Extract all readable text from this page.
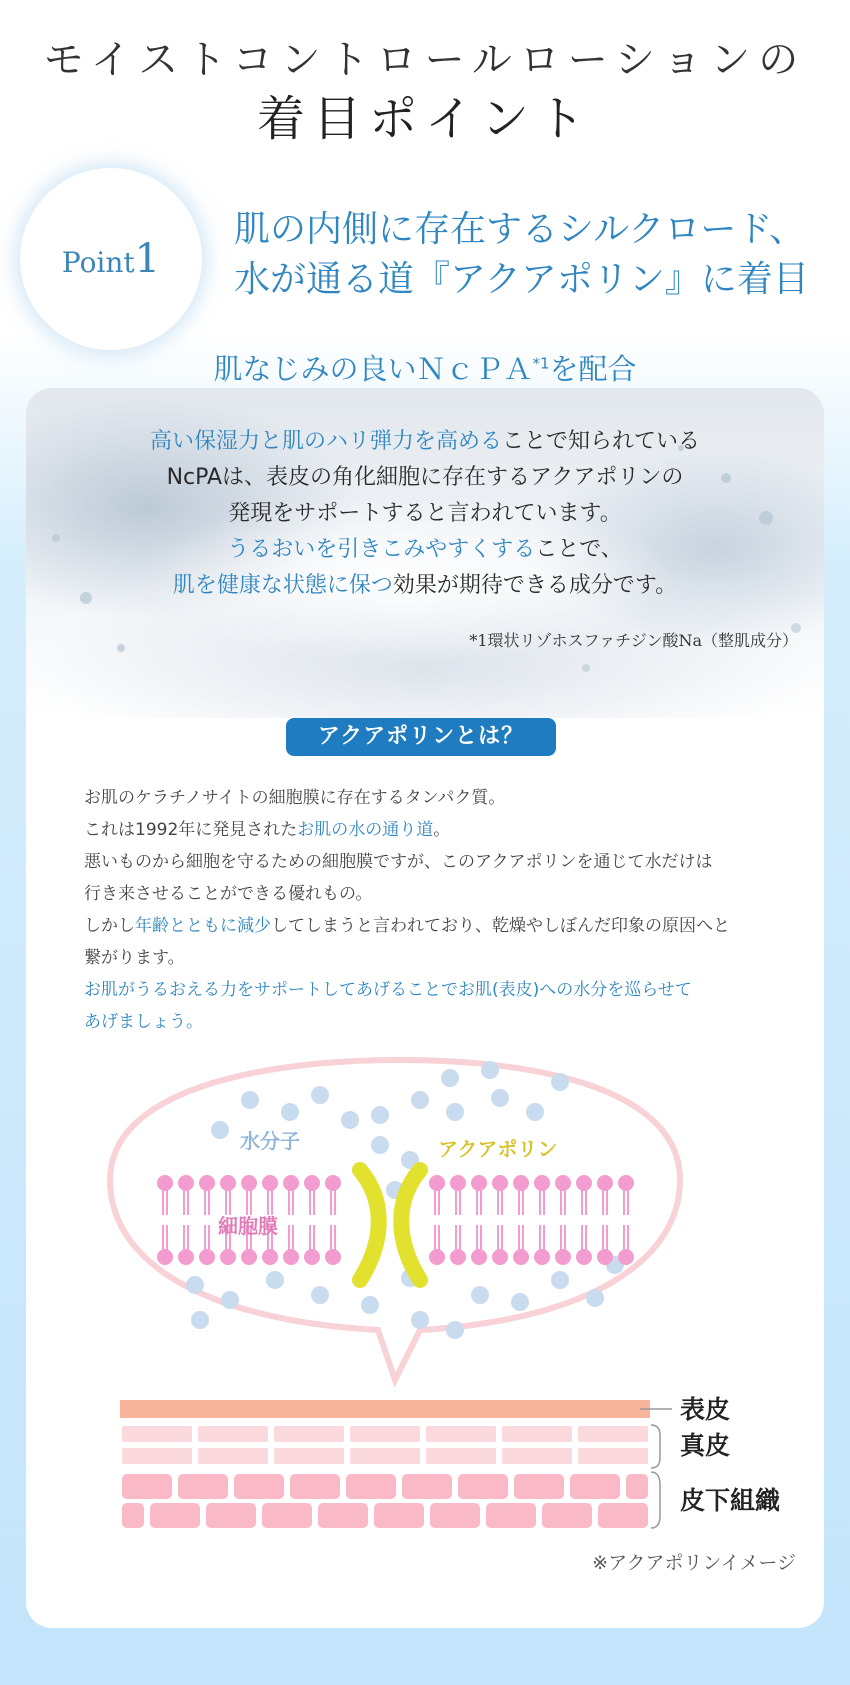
モイストコントロールローションの
着目ポイント
Point1
肌の内側に存在するシルクロード、
水が通る道『アクアポリン』に着目
肌なじみの良いＮｃＰＡ$^{*1}$を配合
高い保湿力と肌のハリ弾力を高めることで知られている
NcPAは、表皮の角化細胞に存在するアクアポリンの
発現をサポートすると言われています。
うるおいを引きこみやすくすることで、
肌を健康な状態に保つ効果が期待できる成分です。
*1環状リゾホスファチジン酸Na（整肌成分）
アクアポリンとは？
お肌のケラチノサイトの細胞膜に存在するタンパク質。
これは1992年に発見されたお肌の水の通り道。
悪いものから細胞を守るための細胞膜ですが、このアクアポリンを通じて水だけは
行き来させることができる優れもの。
しかし年齢とともに減少してしまうと言われており、乾燥やしぼんだ印象の原因へと
繋がります。
お肌がうるおえる力をサポートしてあげることでお肌(表皮)への水分を巡らせて
あげましょう。
水分子	アクアポリン
細胞膜
表皮
真皮
皮下組織
※アクアポリンイメージ
